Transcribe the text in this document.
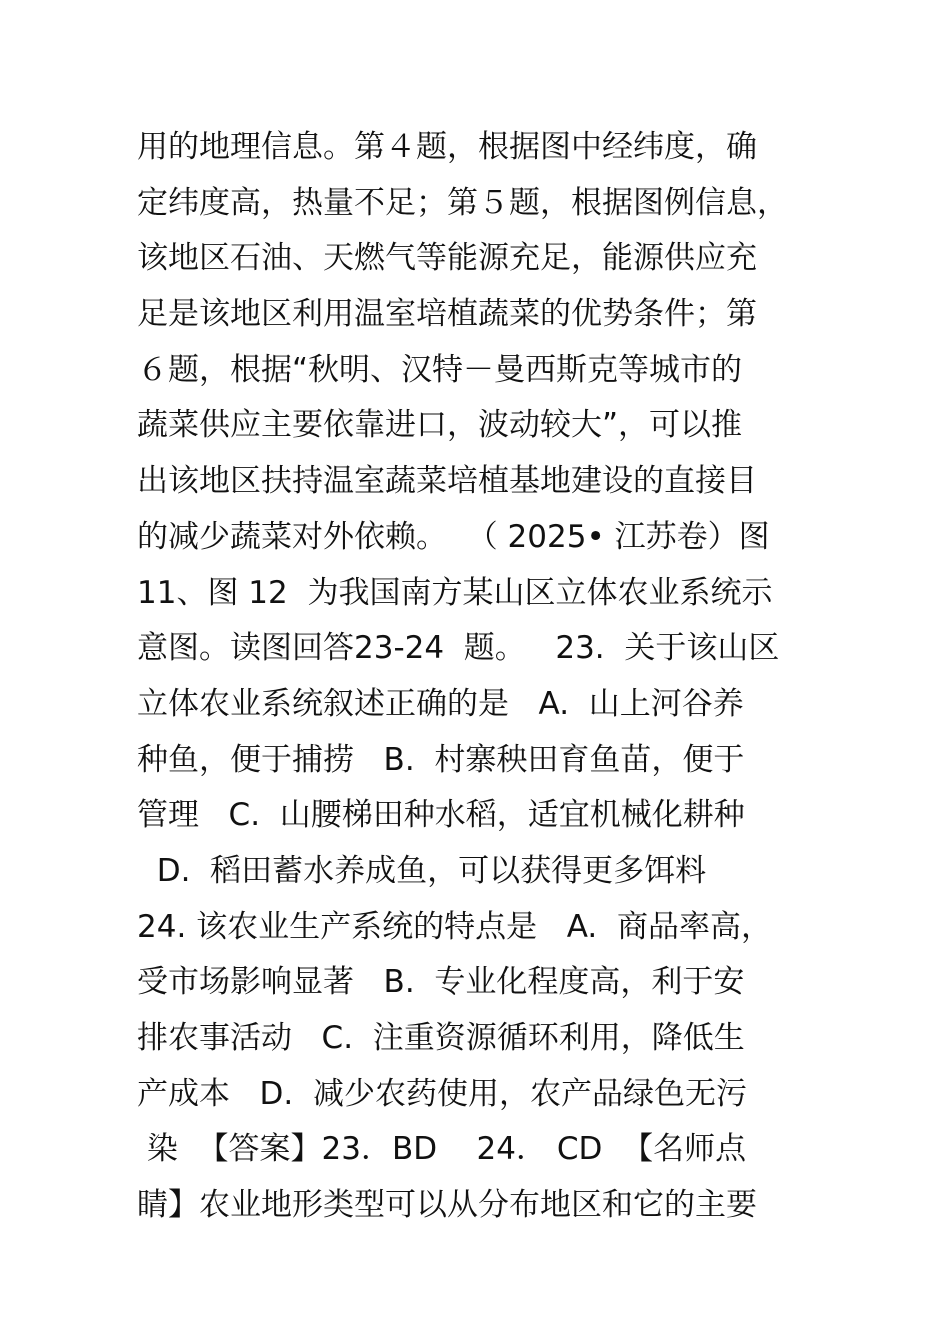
用的地理信息。第４题，根据图中经纬度，确
定纬度高，热量不足；第５题，根据图例信息，
该地区石油、天燃气等能源充足，能源供应充
足是该地区利用温室培植蔬菜的优势条件；第
６题，根据“秋明、汉特－曼西斯克等城市的
蔬菜供应主要依靠进口，波动较大”，可以推
出该地区扶持温室蔬菜培植基地建设的直接目
的减少蔬菜对外依赖。  （ 2025• 江苏卷）图
11、图 12  为我国南方某山区立体农业系统示
意图。读图回答23-24  题。   23.  关于该山区
立体农业系统叙述正确的是   A.  山上河谷养
种鱼，便于捕捞   B.  村寨秧田育鱼苗，便于
管理   C.  山腰梯田种水稻，适宜机械化耕种
D.  稻田蓄水养成鱼，可以获得更多饵料
24. 该农业生产系统的特点是   A.  商品率高，
受市场影响显著   B.  专业化程度高，利于安
排农事活动   C.  注重资源循环利用，降低生
产成本   D.  减少农药使用，农产品绿色无污
染  【答案】23．BD    24． CD  【名师点
睛】农业地形类型可以从分布地区和它的主要
